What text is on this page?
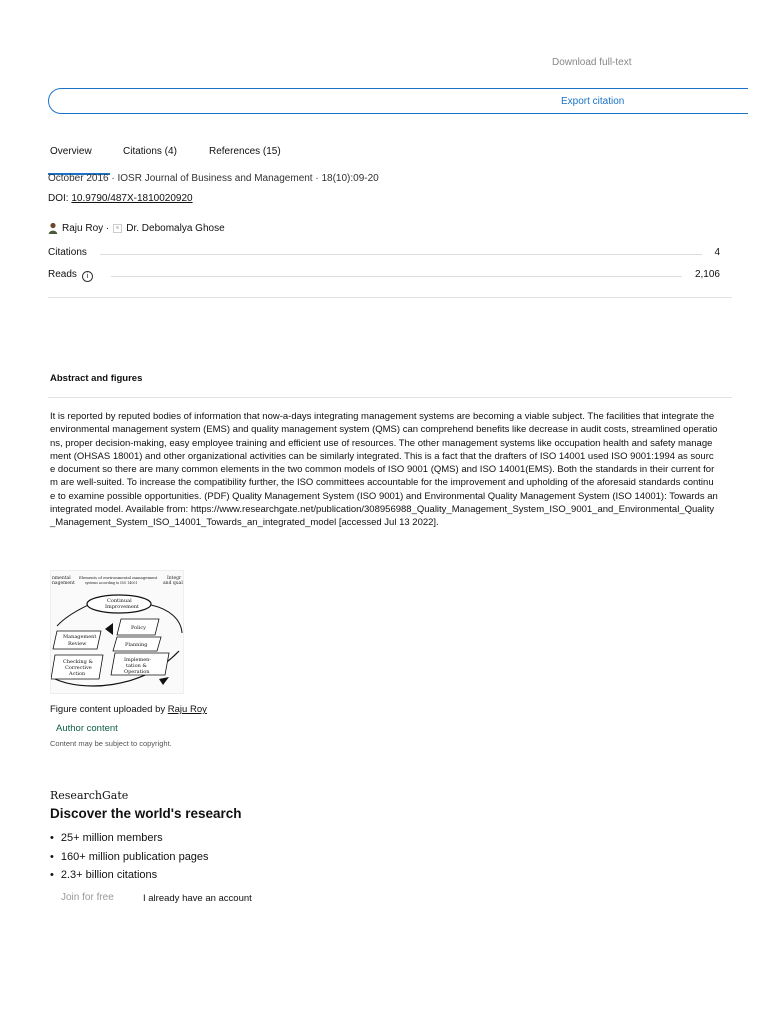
Download full-text
Export citation
Overview	Citations (4)	References (15)
October 2016 · IOSR Journal of Business and Management · 18(10):09-20
DOI: 10.9790/487X-1810020920
Raju Roy · Dr. Debomalya Ghose
Citations	4
Reads i	2,106
Abstract and figures
It is reported by reputed bodies of information that now-a-days integrating management systems are becoming a viable subject. The facilities that integrate the environmental management system (EMS) and quality management system (QMS) can comprehend benefits like decrease in audit costs, streamlined operations, proper decision-making, easy employee training and efficient use of resources. The other management systems like occupation health and safety management (OHSAS 18001) and other organizational activities can be similarly integrated. This is a fact that the drafters of ISO 14001 used ISO 9001:1994 as source document so there are many common elements in the two common models of ISO 9001 (QMS) and ISO 14001(EMS). Both the standards in their current form are well-suited. To increase the compatibility further, the ISO committees accountable for the improvement and upholding of the aforesaid standards continue to examine possible opportunities. (PDF) Quality Management System (ISO 9001) and Environmental Quality Management System (ISO 14001): Towards an integrated model. Available from: https://www.researchgate.net/publication/308956988_Quality_Management_System_ISO_9001_and_Environmental_Quality_Management_System_ISO_14001_Towards_an_integrated_model [accessed Jul 13 2022].
nmental
nagement
Elements of environmental management
systems according to ISO 14001
Integr
and quali
Continual
Improvement
Policy
Planning
Implemen-
tation &
Operation
Management
Review
Checking &
Corrective
Action
Figure content uploaded by Raju Roy
Author content
Content may be subject to copyright.
ResearchGate
Discover the world's research
• 25+ million members
• 160+ million publication pages
• 2.3+ billion citations
Join for free	I already have an account
